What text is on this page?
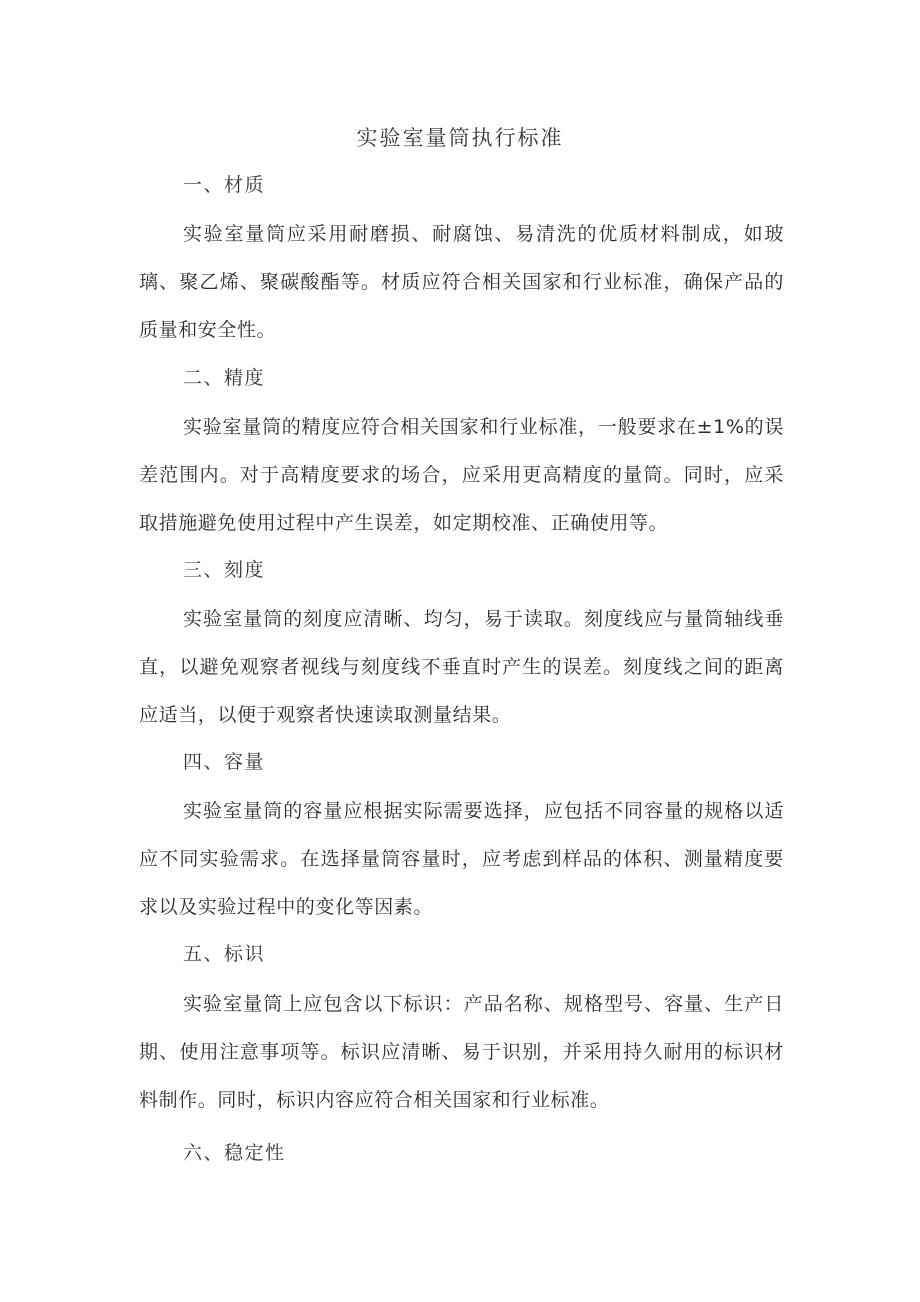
实验室量筒执行标准
一、材质

实验室量筒应采用耐磨损、耐腐蚀、易清洗的优质材料制成，如玻璃、聚乙烯、聚碳酸酯等。材质应符合相关国家和行业标准，确保产品的质量和安全性。

二、精度

实验室量筒的精度应符合相关国家和行业标准，一般要求在±1%的误差范围内。对于高精度要求的场合，应采用更高精度的量筒。同时，应采取措施避免使用过程中产生误差，如定期校准、正确使用等。

三、刻度

实验室量筒的刻度应清晰、均匀，易于读取。刻度线应与量筒轴线垂直，以避免观察者视线与刻度线不垂直时产生的误差。刻度线之间的距离应适当，以便于观察者快速读取测量结果。

四、容量

实验室量筒的容量应根据实际需要选择，应包括不同容量的规格以适应不同实验需求。在选择量筒容量时，应考虑到样品的体积、测量精度要求以及实验过程中的变化等因素。

五、标识

实验室量筒上应包含以下标识：产品名称、规格型号、容量、生产日期、使用注意事项等。标识应清晰、易于识别，并采用持久耐用的标识材料制作。同时，标识内容应符合相关国家和行业标准。

六、稳定性
